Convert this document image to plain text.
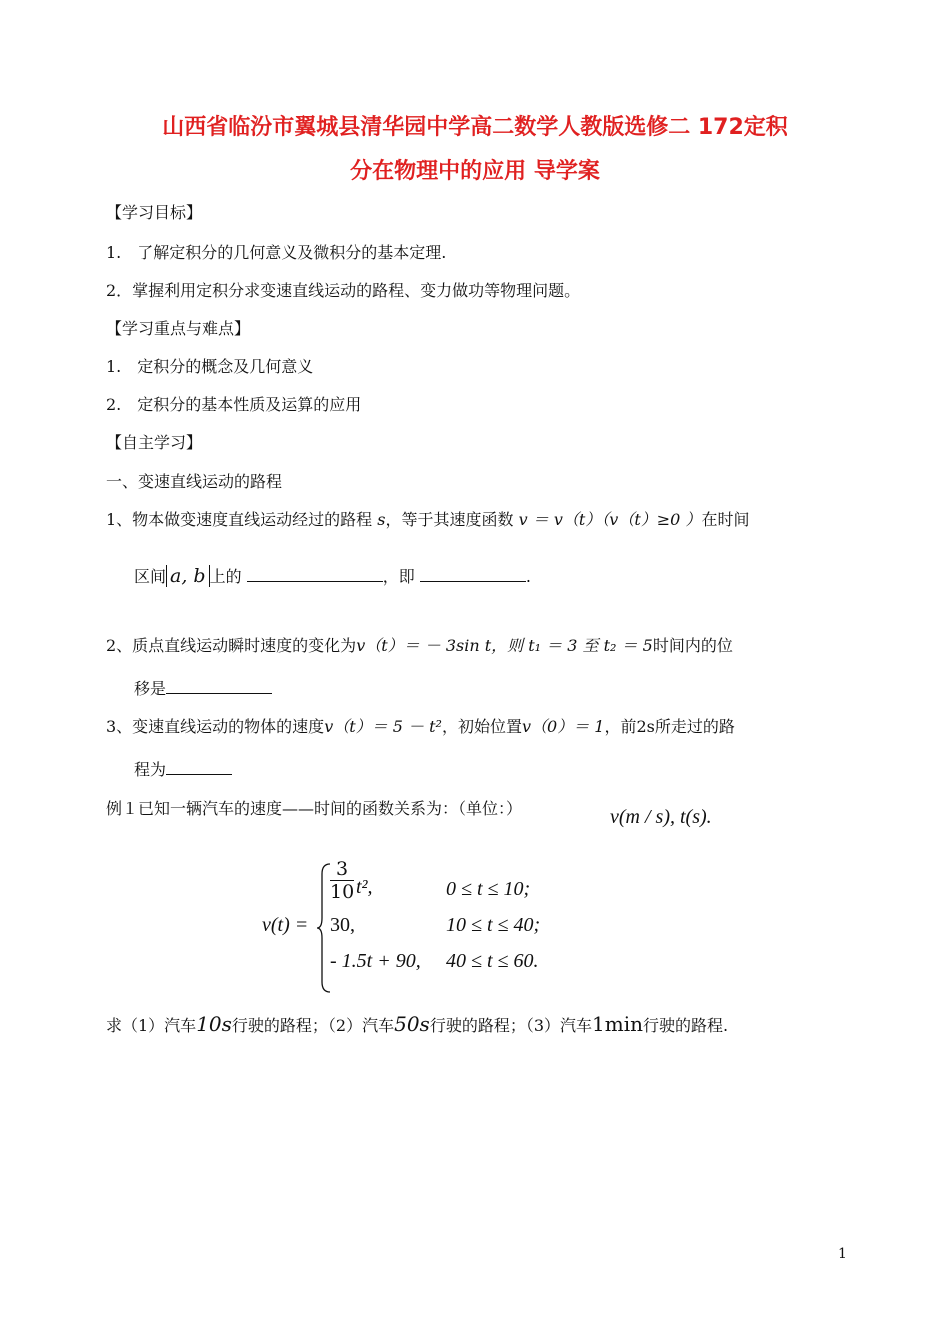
山西省临汾市翼城县清华园中学高二数学人教版选修二 172定积
分在物理中的应用 导学案
【学习目标】
1.　了解定积分的几何意义及微积分的基本定理.
2．掌握利用定积分求变速直线运动的路程、变力做功等物理问题。
【学习重点与难点】
1.　定积分的概念及几何意义
2.　定积分的基本性质及运算的应用
【自主学习】
一、变速直线运动的路程
1、物本做变速度直线运动经过的路程 s，等于其速度函数 v ＝ v（t）（v（t）≥0 ）在时间
区间 a, b 上的	，即	.
2、质点直线运动瞬时速度的变化为v（t）＝ － 3sin t，则 t₁ ＝ 3 至 t₂ ＝ 5时间内的位
移是
3、变速直线运动的物体的速度v（t）＝ 5 － t²，初始位置v（0）＝ 1，前2s所走过的路
程为
例１已知一辆汽车的速度——时间的函数关系为：（单位：）	v(m / s), t(s).
v(t) =
$\frac{3}{10} t^2$,	0 ≤ t ≤ 10;
30,	10 ≤ t ≤ 40;
- 1.5t + 90, 40 ≤ t ≤ 60.
求（1）汽车10s行驶的路程；（2）汽车50s行驶的路程；（3）汽车1min行驶的路程.
1
